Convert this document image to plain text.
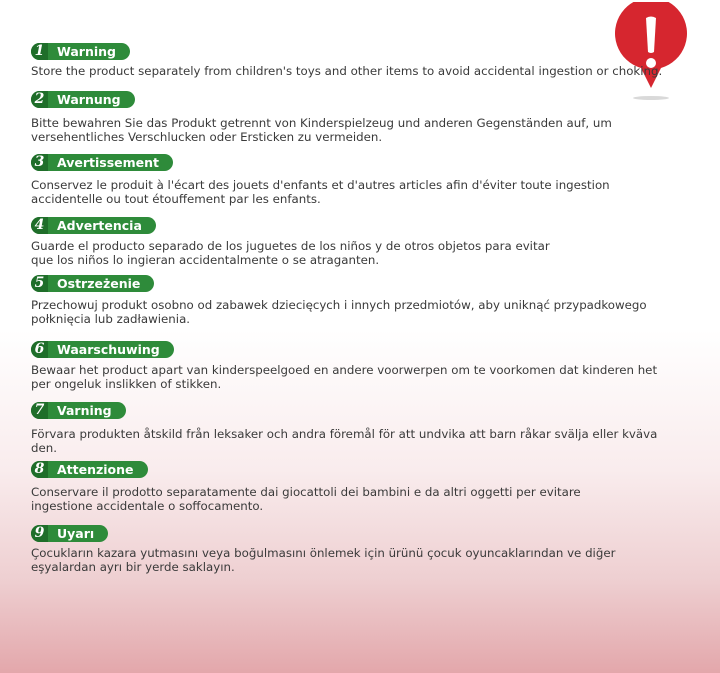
1 Warning

Store the product separately from children's toys and other items to avoid accidental ingestion or choking.

2 Warnung

Bitte bewahren Sie das Produkt getrennt von Kinderspielzeug und anderen Gegenständen auf, um versehentliches Verschlucken oder Ersticken zu vermeiden.

3 Avertissement

Conservez le produit à l'écart des jouets d'enfants et d'autres articles afin d'éviter toute ingestion accidentelle ou tout étouffement par les enfants.

4 Advertencia

Guarde el producto separado de los juguetes de los niños y de otros objetos para evitar que los niños lo ingieran accidentalmente o se atraganten.

5 Ostrzeżenie

Przechowuj produkt osobno od zabawek dziecięcych i innych przedmiotów, aby uniknąć przypadkowego połknięcia lub zadławienia.

6 Waarschuwing

Bewaar het product apart van kinderspeelgoed en andere voorwerpen om te voorkomen dat kinderen het per ongeluk inslikken of stikken.

7 Varning

Förvara produkten åtskild från leksaker och andra föremål för att undvika att barn råkar svälja eller kväva den.

8 Attenzione

Conservare il prodotto separatamente dai giocattoli dei bambini e da altri oggetti per evitare ingestione accidentale o soffocamento.

9 Uyarı

Çocukların kazara yutmasını veya boğulmasını önlemek için ürünü çocuk oyuncaklarından ve diğer eşyalardan ayrı bir yerde saklayın.
